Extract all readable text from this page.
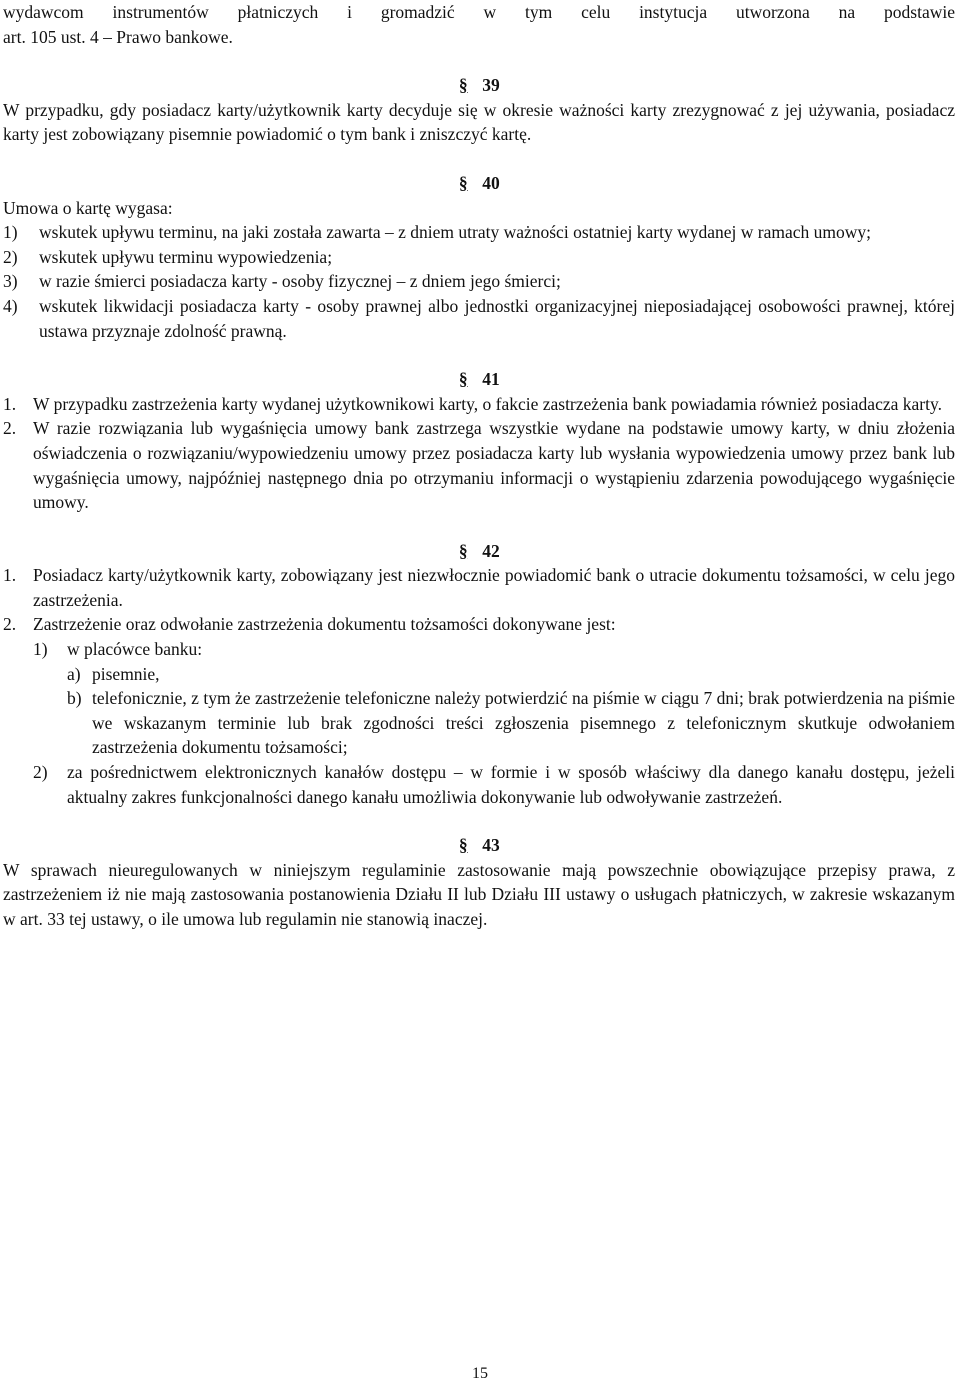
wydawcom instrumentów płatniczych i gromadzić w tym celu instytucja utworzona na podstawie

art. 105 ust. 4 – Prawo bankowe.

§ 39

W przypadku, gdy posiadacz karty/użytkownik karty decyduje się w okresie ważności karty zrezygnować z jej używania, posiadacz karty jest zobowiązany pisemnie powiadomić o tym bank i zniszczyć kartę.

§ 40

Umowa o kartę wygasa:

1)	wskutek upływu terminu, na jaki została zawarta – z dniem utraty ważności ostatniej karty wydanej w ramach umowy;
2)	wskutek upływu terminu wypowiedzenia;
3)	w razie śmierci posiadacza karty - osoby fizycznej – z dniem jego śmierci;
4)	wskutek likwidacji posiadacza karty - osoby prawnej albo jednostki organizacyjnej nieposiadającej osobowości prawnej, której ustawa przyznaje zdolność prawną.
§ 41
1. W przypadku zastrzeżenia karty wydanej użytkownikowi karty, o fakcie zastrzeżenia bank powiadamia również posiadacza karty.
2. W razie rozwiązania lub wygaśnięcia umowy bank zastrzega wszystkie wydane na podstawie umowy karty, w dniu złożenia oświadczenia o rozwiązaniu/wypowiedzeniu umowy przez posiadacza karty lub wysłania wypowiedzenia umowy przez bank lub wygaśnięcia umowy, najpóźniej następnego dnia po otrzymaniu informacji o wystąpieniu zdarzenia powodującego wygaśnięcie umowy.
§ 42
1. Posiadacz karty/użytkownik karty, zobowiązany jest niezwłocznie powiadomić bank o utracie dokumentu tożsamości, w celu jego zastrzeżenia.
2. Zastrzeżenie oraz odwołanie zastrzeżenia dokumentu tożsamości dokonywane jest:
1)	w placówce banku:
a) pisemnie,
b) telefonicznie, z tym że zastrzeżenie telefoniczne należy potwierdzić na piśmie w ciągu 7 dni; brak potwierdzenia na piśmie we wskazanym terminie lub brak zgodności treści zgłoszenia pisemnego z telefonicznym skutkuje odwołaniem zastrzeżenia dokumentu tożsamości;
2)	za pośrednictwem elektronicznych kanałów dostępu – w formie i w sposób właściwy dla danego kanału dostępu, jeżeli aktualny zakres funkcjonalności danego kanału umożliwia dokonywanie lub odwoływanie zastrzeżeń.
§ 43

W sprawach nieuregulowanych w niniejszym regulaminie zastosowanie mają powszechnie obowiązujące przepisy prawa, z zastrzeżeniem iż nie mają zastosowania postanowienia Działu II lub Działu III ustawy o usługach płatniczych, w zakresie wskazanym w art. 33 tej ustawy, o ile umowa lub regulamin nie stanowią inaczej.

15
